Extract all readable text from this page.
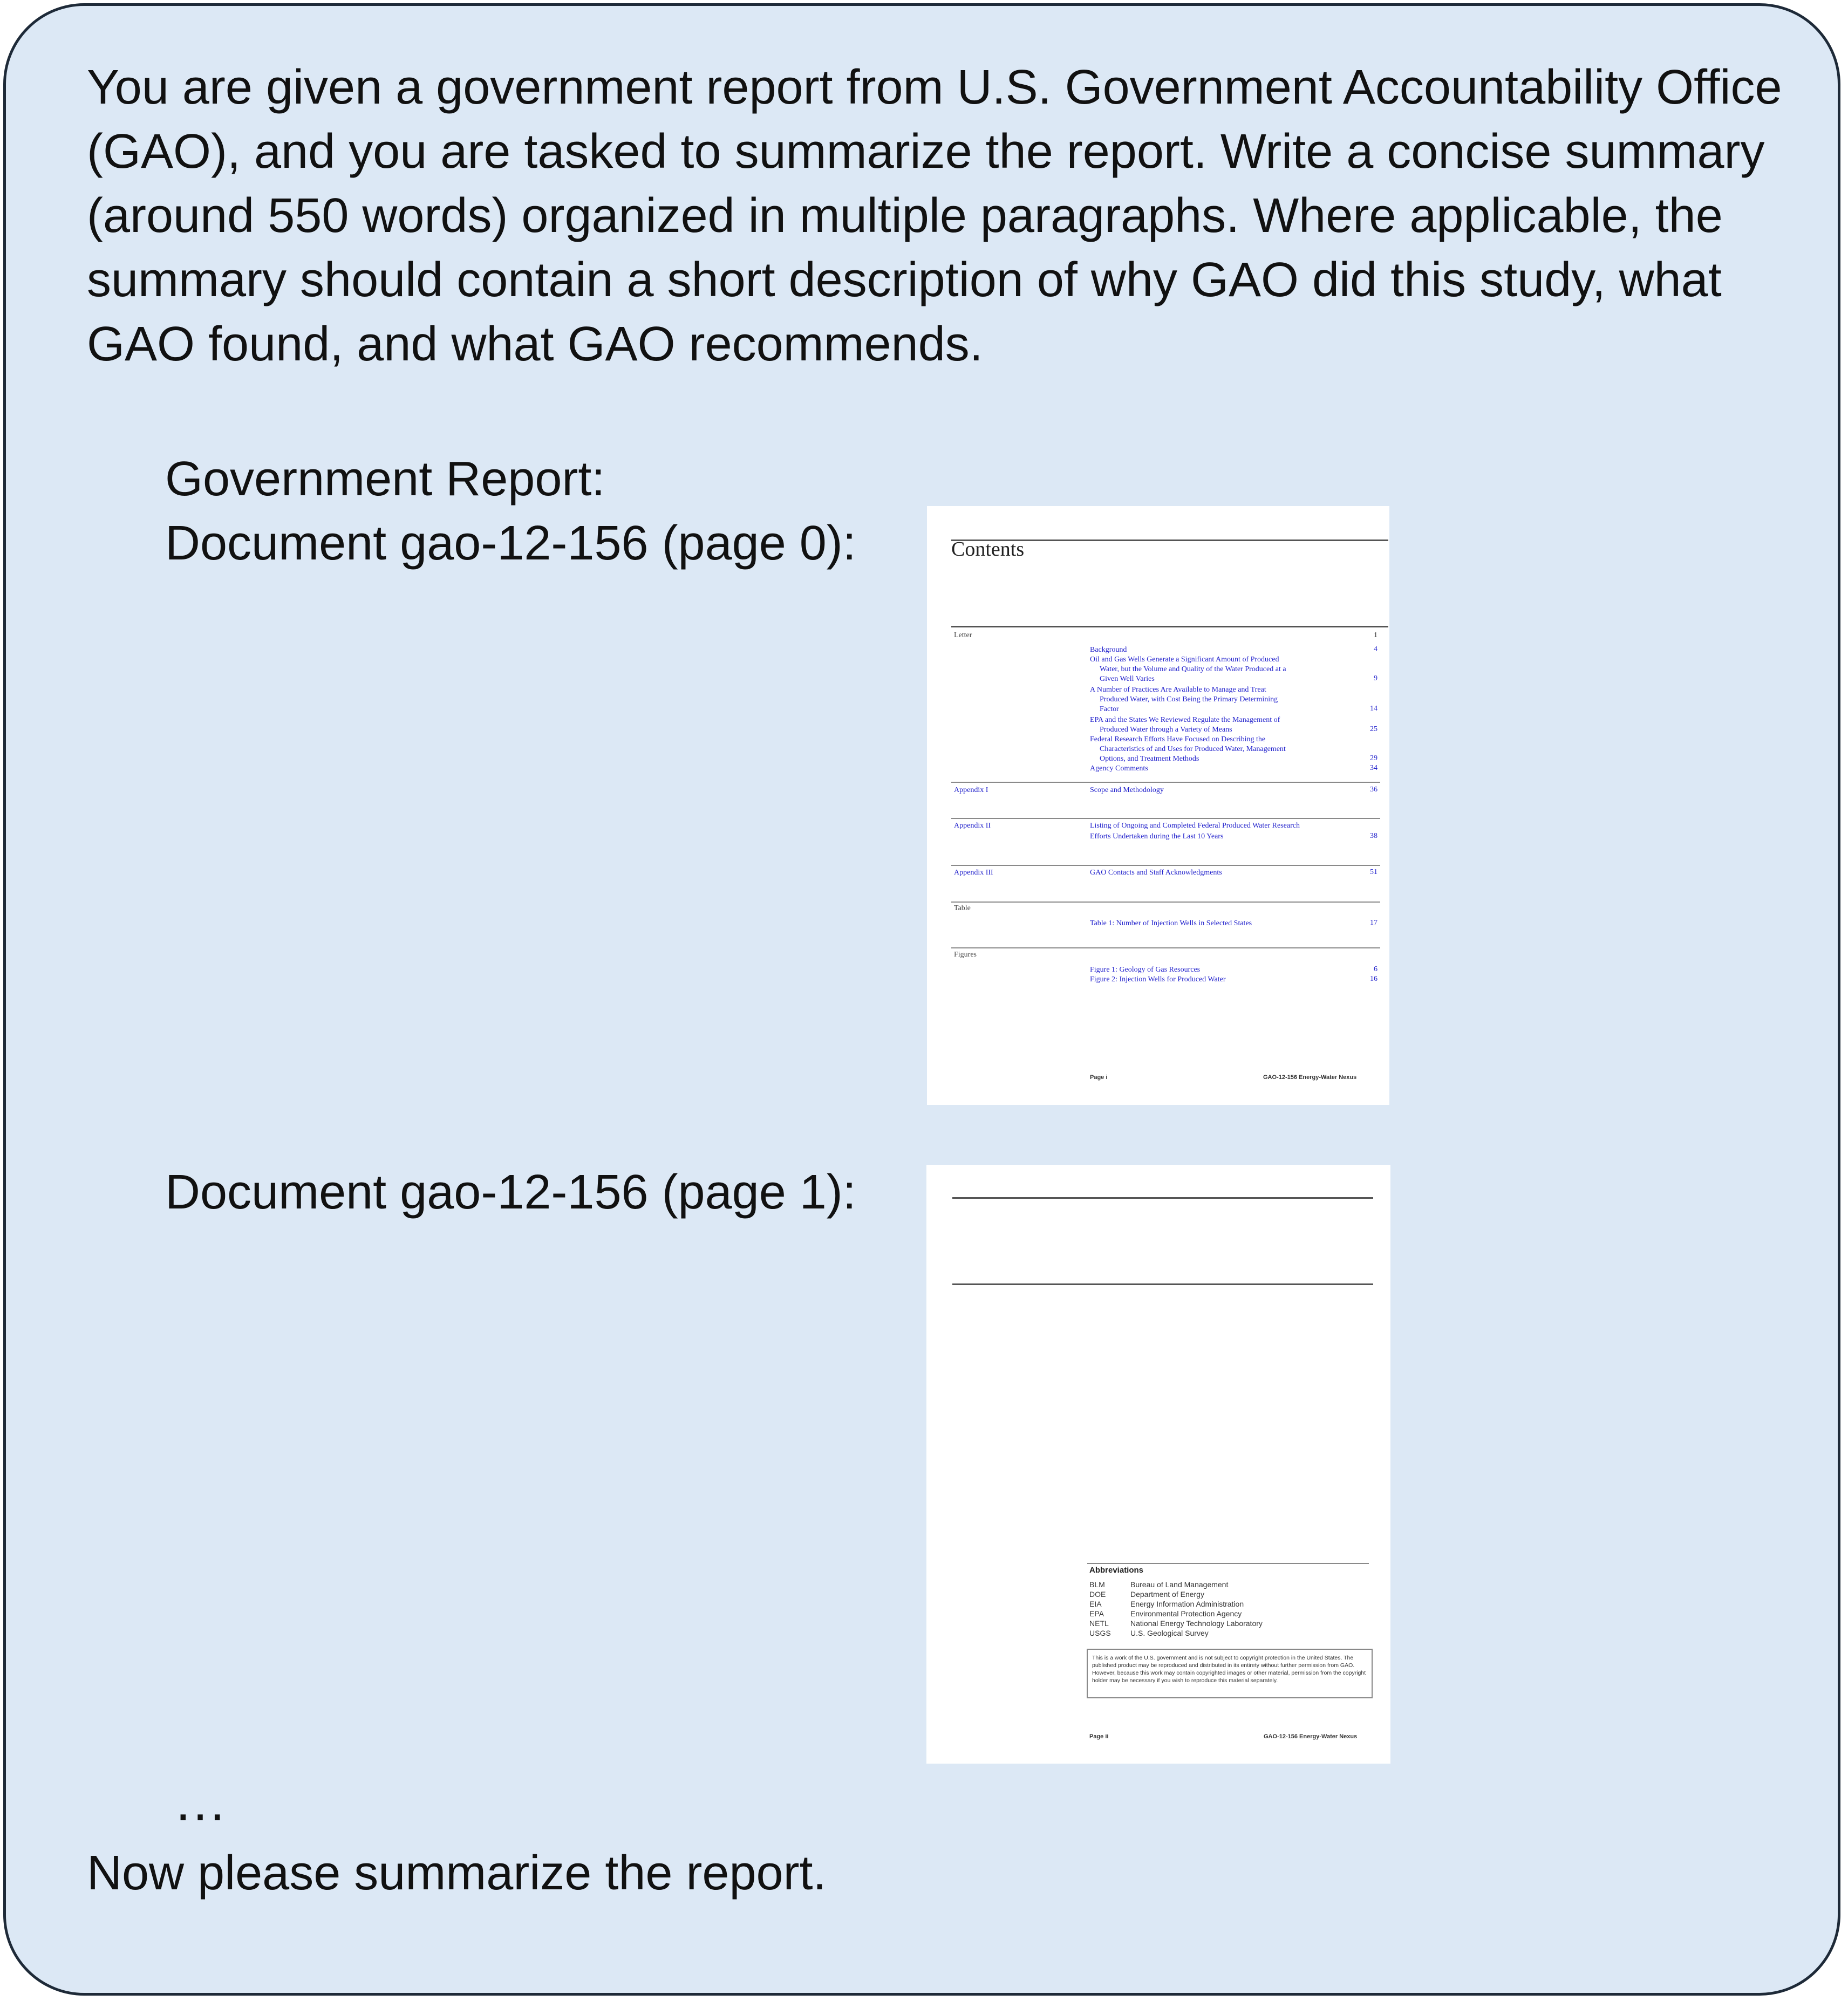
You are given a government report from U.S. Government Accountability Office (GAO), and you are tasked to summarize the report. Write a concise summary (around 550 words) organized in multiple paragraphs. Where applicable, the summary should contain a short description of why GAO did this study, what GAO found, and what GAO recommends.

Government Report:
Document gao-12-156 (page 0):	Contents
Letter	1
Background	4
Oil and Gas Wells Generate a Significant Amount of Produced
Water, but the Volume and Quality of the Water Produced at a
Given Well Varies	9
A Number of Practices Are Available to Manage and Treat
Produced Water, with Cost Being the Primary Determining
Factor	14
EPA and the States We Reviewed Regulate the Management of
Produced Water through a Variety of Means	25
Federal Research Efforts Have Focused on Describing the
Characteristics of and Uses for Produced Water, Management
Options, and Treatment Methods	29
Agency Comments	34
Appendix I	Scope and Methodology	36
Appendix II	Listing of Ongoing and Completed Federal Produced Water Research
Efforts Undertaken during the Last 10 Years	38
Appendix III	GAO Contacts and Staff Acknowledgments	51
Table
Table 1: Number of Injection Wells in Selected States	17
Figures
Figure 1: Geology of Gas Resources	6
Figure 2: Injection Wells for Produced Water	16
Page i	GAO-12-156 Energy-Water Nexus
Document gao-12-156 (page 1):
Abbreviations
BLM	Bureau of Land Management
DOE	Department of Energy
EIA	Energy Information Administration
EPA	Environmental Protection Agency
NETL	National Energy Technology Laboratory
USGS	U.S. Geological Survey
This is a work of the U.S. government and is not subject to copyright protection in the United States. The published product may be reproduced and distributed in its entirety without further permission from GAO. However, because this work may contain copyrighted images or other material, permission from the copyright holder may be necessary if you wish to reproduce this material separately.
Page ii	GAO-12-156 Energy-Water Nexus
…
Now please summarize the report.
